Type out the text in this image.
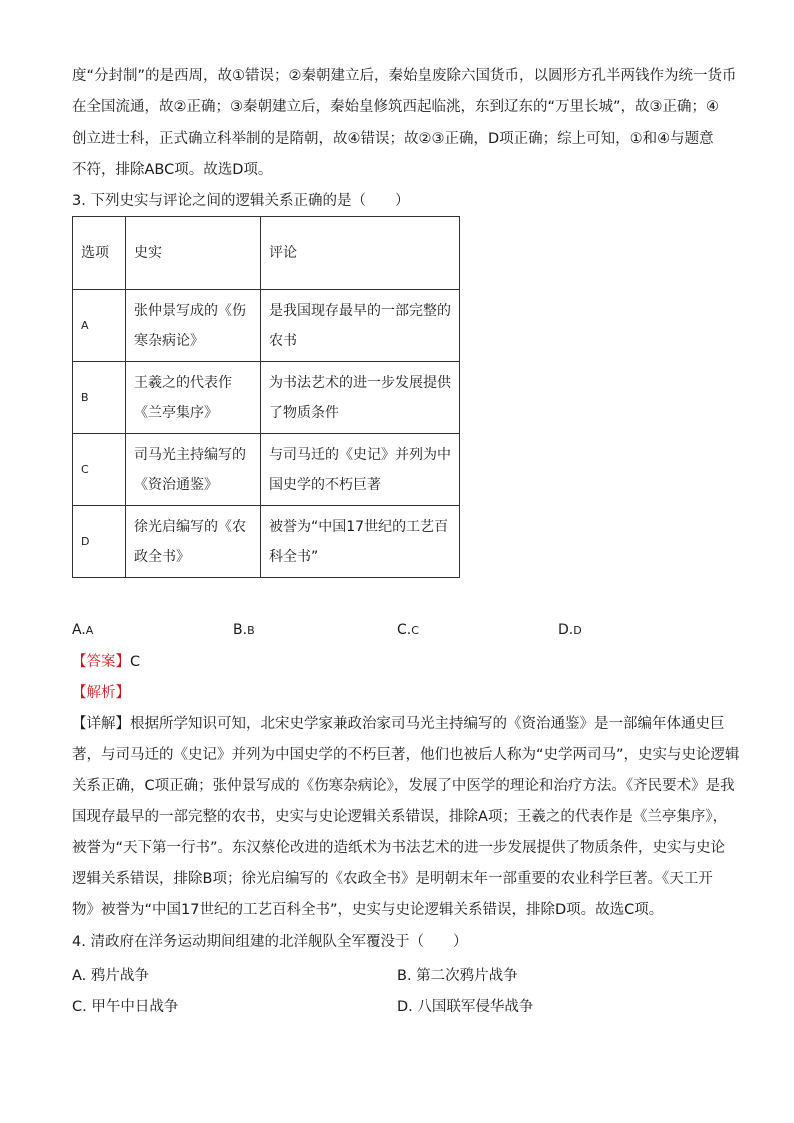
度“分封制”的是西周，故①错误；②秦朝建立后，秦始皇废除六国货币，以圆形方孔半两钱作为统一货币
在全国流通，故②正确；③秦朝建立后，秦始皇修筑西起临洮，东到辽东的“万里长城”，故③正确；④
创立进士科，正式确立科举制的是隋朝，故④错误；故②③正确，D项正确；综上可知，①和④与题意
不符，排除ABC项。故选D项。
3. 下列史实与评论之间的逻辑关系正确的是（　　）
选项	史实	评论
A	张仲景写成的《伤寒杂病论》	是我国现存最早的一部完整的农书
B	王羲之的代表作《兰亭集序》	为书法艺术的进一步发展提供了物质条件
C	司马光主持编写的《资治通鉴》	与司马迁的《史记》并列为中国史学的不朽巨著
D	徐光启编写的《农政全书》	被誉为“中国17世纪的工艺百科全书”
A.A	B.B	C.C	D.D
【答案】C
【解析】
【详解】根据所学知识可知，北宋史学家兼政治家司马光主持编写的《资治通鉴》是一部编年体通史巨
著，与司马迁的《史记》并列为中国史学的不朽巨著，他们也被后人称为“史学两司马”，史实与史论逻辑
关系正确，C项正确；张仲景写成的《伤寒杂病论》，发展了中医学的理论和治疗方法。《齐民要术》是我
国现存最早的一部完整的农书，史实与史论逻辑关系错误，排除A项；王羲之的代表作是《兰亭集序》，
被誉为“天下第一行书”。东汉蔡伦改进的造纸术为书法艺术的进一步发展提供了物质条件，史实与史论
逻辑关系错误，排除B项；徐光启编写的《农政全书》是明朝末年一部重要的农业科学巨著。《天工开
物》被誉为“中国17世纪的工艺百科全书”，史实与史论逻辑关系错误，排除D项。故选C项。
4. 清政府在洋务运动期间组建的北洋舰队全军覆没于（　　）
A. 鸦片战争	B. 第二次鸦片战争
C. 甲午中日战争	D. 八国联军侵华战争
